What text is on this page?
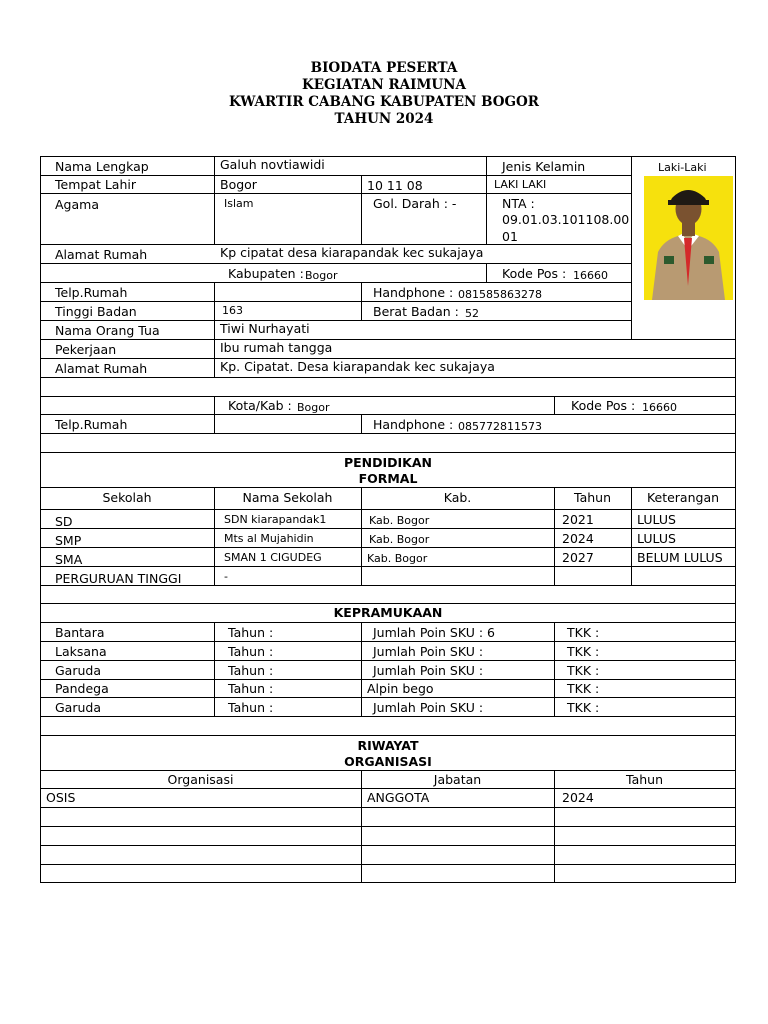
BIODATA PESERTA
KEGIATAN RAIMUNA
KWARTIR CABANG KABUPATEN BOGOR
TAHUN 2024
Nama Lengkap	Galuh novtiawidi	Jenis Kelamin	Laki-Laki
Tempat Lahir	Bogor	10 11 08	LAKI LAKI
Agama	Islam	Gol. Darah : -	NTA :
09.01.03.101108.00
01
Alamat Rumah	Kp cipatat desa kiarapandak kec sukajaya
Kabupaten : Bogor	Kode Pos : 16660
Telp.Rumah	Handphone : 081585863278
Tinggi Badan	163	Berat Badan : 52
Nama Orang Tua	Tiwi Nurhayati
Pekerjaan	Ibu rumah tangga
Alamat Rumah	Kp. Cipatat. Desa kiarapandak kec sukajaya
Kota/Kab : Bogor	Kode Pos : 16660
Telp.Rumah	Handphone : 085772811573
PENDIDIKAN
FORMAL
Sekolah	Nama Sekolah	Kab.	Tahun	Keterangan
SD	SDN kiarapandak1	Kab. Bogor	2021	LULUS
SMP	Mts al Mujahidin	Kab. Bogor	2024	LULUS
SMA	SMAN 1 CIGUDEG	Kab. Bogor	2027	BELUM LULUS
PERGURUAN TINGGI	-
KEPRAMUKAAN
Bantara	Tahun :	Jumlah Poin SKU : 6	TKK :
Laksana	Tahun :	Jumlah Poin SKU :	TKK :
Garuda	Tahun :	Jumlah Poin SKU :	TKK :
Pandega	Tahun :	Alpin bego	TKK :
Garuda	Tahun :	Jumlah Poin SKU :	TKK :
RIWAYAT
ORGANISASI
Organisasi	Jabatan	Tahun
OSIS	ANGGOTA	2024
